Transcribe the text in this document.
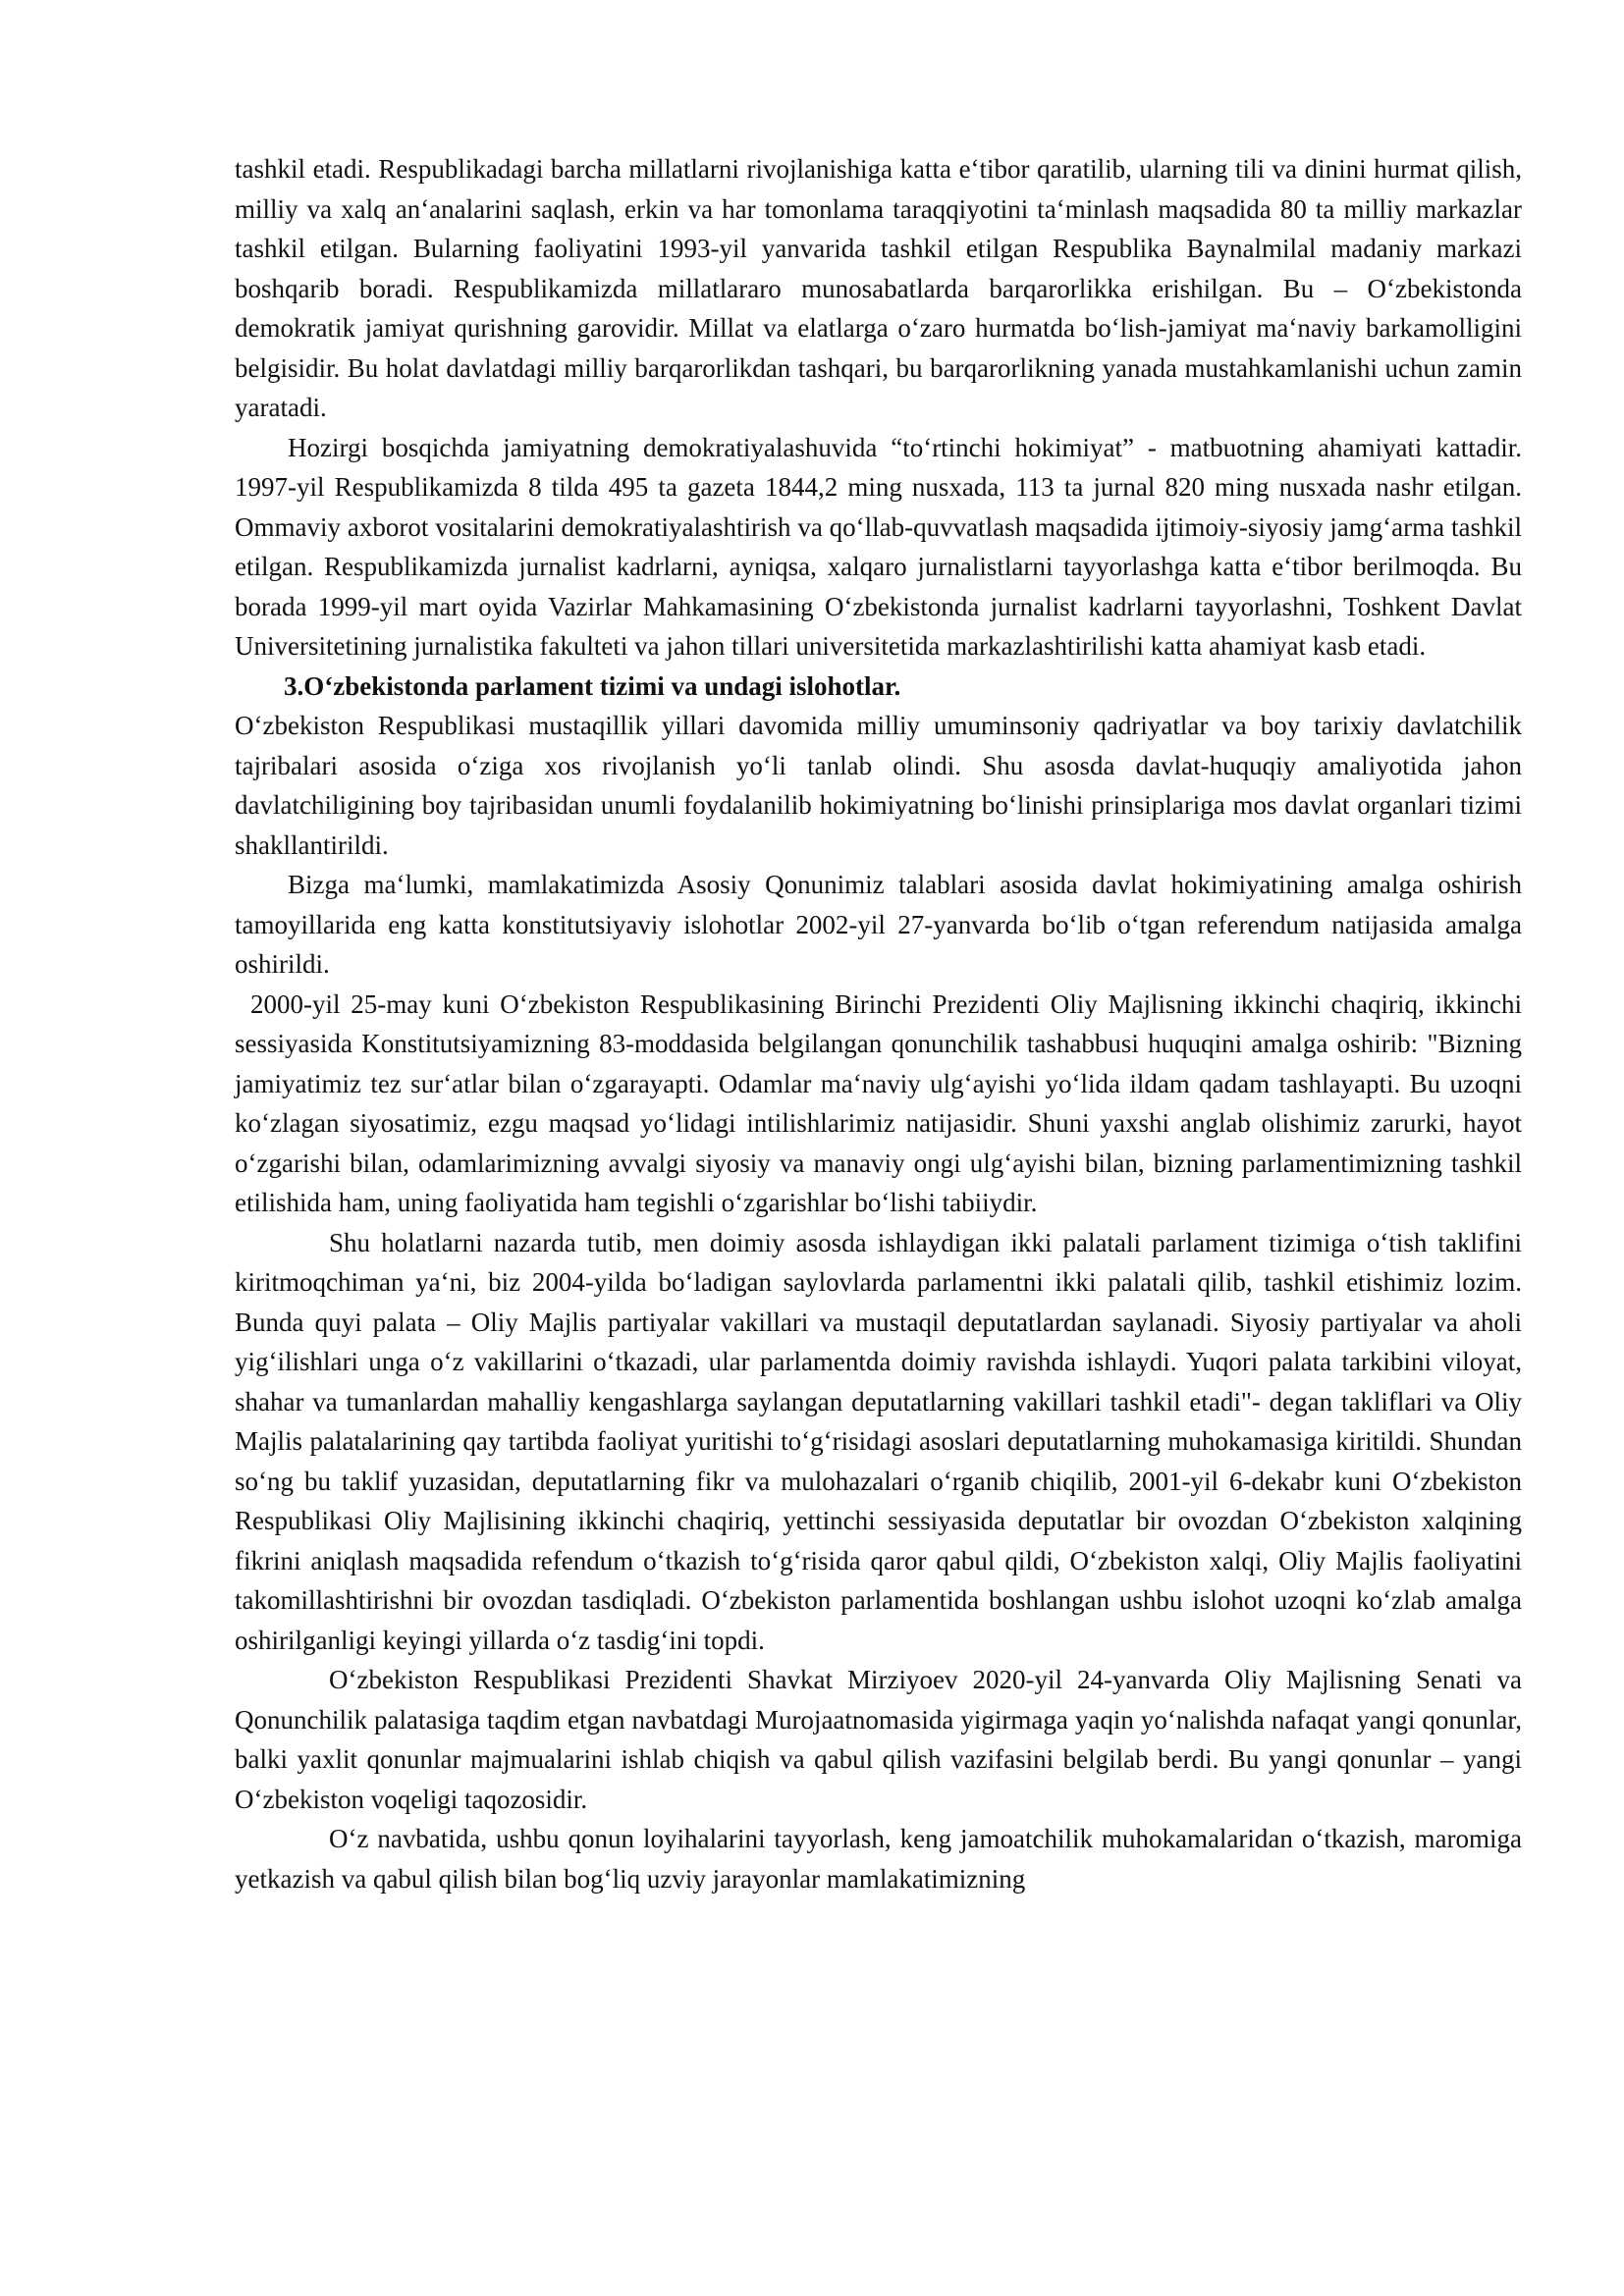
tashkil etadi. Respublikadagi barcha millatlarni rivojlanishiga katta e‘tibor qaratilib, ularning tili va dinini hurmat qilish, milliy va xalq an‘analarini saqlash, erkin va har tomonlama taraqqiyotini ta‘minlash maqsadida 80 ta milliy markazlar tashkil etilgan. Bularning faoliyatini 1993-yil yanvarida tashkil etilgan Respublika Baynalmilal madaniy markazi boshqarib boradi. Respublikamizda millatlararo munosabatlarda barqarorlikka erishilgan. Bu – O‘zbekistonda demokratik jamiyat qurishning garovidir. Millat va elatlarga o‘zaro hurmatda bo‘lish-jamiyat ma‘naviy barkamolligini belgisidir. Bu holat davlatdagi milliy barqarorlikdan tashqari, bu barqarorlikning yanada mustahkamlanishi uchun zamin yaratadi.

Hozirgi bosqichda jamiyatning demokratiyalashuvida “to‘rtinchi hokimiyat” - matbuotning ahamiyati kattadir. 1997-yil Respublikamizda 8 tilda 495 ta gazeta 1844,2 ming nusxada, 113 ta jurnal 820 ming nusxada nashr etilgan. Ommaviy axborot vositalarini demokratiyalashtirish va qo‘llab-quvvatlash maqsadida ijtimoiy-siyosiy jamg‘arma tashkil etilgan. Respublikamizda jurnalist kadrlarni, ayniqsa, xalqaro jurnalistlarni tayyorlashga katta e‘tibor berilmoqda. Bu borada 1999-yil mart oyida Vazirlar Mahkamasining O‘zbekistonda jurnalist kadrlarni tayyorlashni, Toshkent Davlat Universitetining jurnalistika fakulteti va jahon tillari universitetida markazlashtirilishi katta ahamiyat kasb etadi.

3.O‘zbekistonda parlament tizimi va undagi islohotlar.

O‘zbekiston Respublikasi mustaqillik yillari davomida milliy umuminsoniy qadriyatlar va boy tarixiy davlatchilik tajribalari asosida o‘ziga xos rivojlanish yo‘li tanlab olindi. Shu asosda davlat-huquqiy amaliyotida jahon davlatchiligining boy tajribasidan unumli foydalanilib hokimiyatning bo‘linishi prinsiplariga mos davlat organlari tizimi shakllantirildi.

Bizga ma‘lumki, mamlakatimizda Asosiy Qonunimiz talablari asosida davlat hokimiyatining amalga oshirish tamoyillarida eng katta konstitutsiyaviy islohotlar 2002-yil 27-yanvarda bo‘lib o‘tgan referendum natijasida amalga oshirildi.

2000-yil 25-may kuni O‘zbekiston Respublikasining Birinchi Prezidenti Oliy Majlisning ikkinchi chaqiriq, ikkinchi sessiyasida Konstitutsiyamizning 83-moddasida belgilangan qonunchilik tashabbusi huquqini amalga oshirib: "Bizning jamiyatimiz tez sur‘atlar bilan o‘zgarayapti. Odamlar ma‘naviy ulg‘ayishi yo‘lida ildam qadam tashlayapti. Bu uzoqni ko‘zlagan siyosatimiz, ezgu maqsad yo‘lidagi intilishlarimiz natijasidir. Shuni yaxshi anglab olishimiz zarurki, hayot o‘zgarishi bilan, odamlarimizning avvalgi siyosiy va manaviy ongi ulg‘ayishi bilan, bizning parlamentimizning tashkil etilishida ham, uning faoliyatida ham tegishli o‘zgarishlar bo‘lishi tabiiydir.

Shu holatlarni nazarda tutib, men doimiy asosda ishlaydigan ikki palatali parlament tizimiga o‘tish taklifini kiritmoqchiman ya‘ni, biz 2004-yilda bo‘ladigan saylovlarda parlamentni ikki palatali qilib, tashkil etishimiz lozim. Bunda quyi palata – Oliy Majlis partiyalar vakillari va mustaqil deputatlardan saylanadi. Siyosiy partiyalar va aholi yig‘ilishlari unga o‘z vakillarini o‘tkazadi, ular parlamentda doimiy ravishda ishlaydi. Yuqori palata tarkibini viloyat, shahar va tumanlardan mahalliy kengashlarga saylangan deputatlarning vakillari tashkil etadi"- degan takliflari va Oliy Majlis palatalarining qay tartibda faoliyat yuritishi to‘g‘risidagi asoslari deputatlarning muhokamasiga kiritildi. Shundan so‘ng bu taklif yuzasidan, deputatlarning fikr va mulohazalari o‘rganib chiqilib, 2001-yil 6-dekabr kuni O‘zbekiston Respublikasi Oliy Majlisining ikkinchi chaqiriq, yettinchi sessiyasida deputatlar bir ovozdan O‘zbekiston xalqining fikrini aniqlash maqsadida refendum o‘tkazish to‘g‘risida qaror qabul qildi, O‘zbekiston xalqi, Oliy Majlis faoliyatini takomillashtirishni bir ovozdan tasdiqladi. O‘zbekiston parlamentida boshlangan ushbu islohot uzoqni ko‘zlab amalga oshirilganligi keyingi yillarda o‘z tasdig‘ini topdi.

O‘zbekiston Respublikasi Prezidenti Shavkat Mirziyoev 2020-yil 24-yanvarda Oliy Majlisning Senati va Qonunchilik palatasiga taqdim etgan navbatdagi Murojaatnomasida yigirmaga yaqin yo‘nalishda nafaqat yangi qonunlar, balki yaxlit qonunlar majmualarini ishlab chiqish va qabul qilish vazifasini belgilab berdi. Bu yangi qonunlar – yangi O‘zbekiston voqeligi taqozosidir.

O‘z navbatida, ushbu qonun loyihalarini tayyorlash, keng jamoatchilik muhokamalaridan o‘tkazish, maromiga yetkazish va qabul qilish bilan bog‘liq uzviy jarayonlar mamlakatimizning
